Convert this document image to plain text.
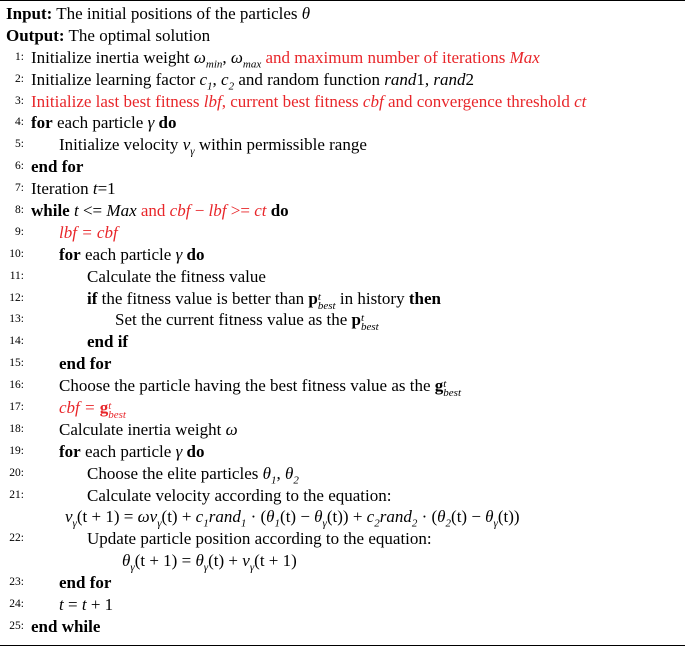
Input: The initial positions of the particles θ
Output: The optimal solution
1: Initialize inertia weight $\omega_{min}$, $\omega_{max}$ and maximum number of iterations Max
2: Initialize learning factor $c_1$, $c_2$ and random function rand1, rand2
3: Initialize last best fitness lbf, current best fitness cbf and convergence threshold ct
4: for each particle γ do
5: Initialize velocity $v_\gamma$ within permissible range
6: end for
7: Iteration t=1
8: while t <= Max and cbf − lbf >= ct do
9: lbf = cbf
10: for each particle γ do
11:	Calculate the fitness value
12:	if the fitness value is better than p t
best in history then
13:	Set the current fitness value as the p t
best
14:	end if
15: end for
16: Choose the particle having the best fitness value as the g t
best
17: cbf = g t
best
18: Calculate inertia weight ω
19: for each particle γ do
20:	Choose the elite particles $\theta_1$, $\theta_2$
21:	Calculate velocity according to the equation:
$v_\gamma(t + 1) = \omega v_\gamma(t)$ + $c_1rand_1 \cdot (\theta_1(t) - \theta_\gamma(t))$ + $c_2rand_2 \cdot (\theta_2(t) - \theta_\gamma(t))$
22:	Update particle position according to the equation:
$\theta_\gamma(t + 1) = \theta_\gamma(t) + v_\gamma(t + 1)$
23: end for
24: t = t + 1
25: end while
